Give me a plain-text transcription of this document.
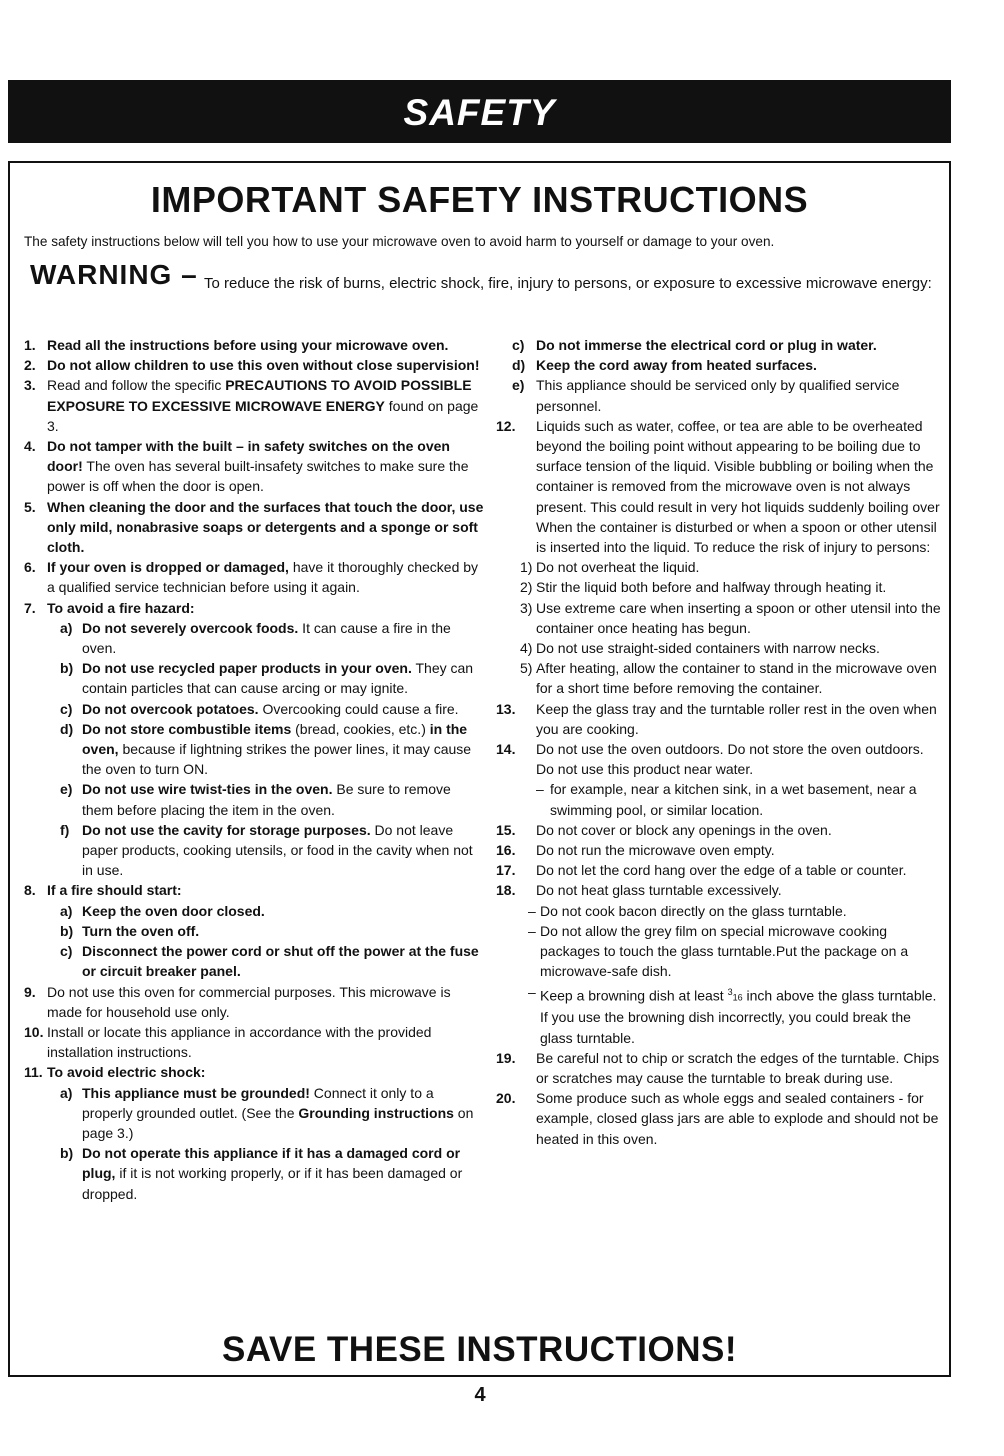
SAFETY
IMPORTANT SAFETY INSTRUCTIONS
The safety instructions below will tell you how to use your microwave oven to avoid harm to yourself or damage to your oven.
WARNING – To reduce the risk of burns, electric shock, fire, injury to persons, or exposure to excessive microwave energy:

1. Read all the instructions before using your microwave oven.

2. Do not allow children to use this oven without close supervision!

3. Read and follow the specific PRECAUTIONS TO AVOID POSSIBLE EXPOSURE TO EXCESSIVE MICROWAVE ENERGY found on page 3.

4. Do not tamper with the built – in safety switches on the oven door! The oven has several built-insafety switches to make sure the power is off when the door is open.

5. When cleaning the door and the surfaces that touch the door, use only mild, nonabrasive soaps or detergents and a sponge or soft cloth.

6. If your oven is dropped or damaged, have it thoroughly checked by a qualified service technician before using it again.

7. To avoid a fire hazard:

a) Do not severely overcook foods. It can cause a fire in the oven.

b) Do not use recycled paper products in your oven. They can contain particles that can cause arcing or may ignite.

c) Do not overcook potatoes. Overcooking could cause a fire.

d) Do not store combustible items (bread, cookies, etc.) in the oven, because if lightning strikes the power lines, it may cause the oven to turn ON.

e) Do not use wire twist-ties in the oven. Be sure to remove them before placing the item in the oven.

f) Do not use the cavity for storage purposes. Do not leave paper products, cooking utensils, or food in the cavity when not in use.

8. If a fire should start:

a) Keep the oven door closed.

b) Turn the oven off.

c) Disconnect the power cord or shut off the power at the fuse or circuit breaker panel.

9. Do not use this oven for commercial purposes. This microwave is made for household use only.

10. Install or locate this appliance in accordance with the provided installation instructions.

11. To avoid electric shock:

a) This appliance must be grounded! Connect it only to a properly grounded outlet. (See the Grounding instructions on page 3.)

b) Do not operate this appliance if it has a damaged cord or plug, if it is not working properly, or if it has been damaged or dropped.

c) Do not immerse the electrical cord or plug in water.

d) Keep the cord away from heated surfaces.

e) This appliance should be serviced only by qualified service personnel.

12. Liquids such as water, coffee, or tea are able to be overheated beyond the boiling point without appearing to be boiling due to surface tension of the liquid. Visible bubbling or boiling when the container is removed from the microwave oven is not always present. This could result in very hot liquids suddenly boiling over When the container is disturbed or when a spoon or other utensil is inserted into the liquid. To reduce the risk of injury to persons:

1) Do not overheat the liquid.

2) Stir the liquid both before and halfway through heating it.

3) Use extreme care when inserting a spoon or other utensil into the container once heating has begun.

4) Do not use straight-sided containers with narrow necks.

5) After heating, allow the container to stand in the microwave oven for a short time before removing the container.

13. Keep the glass tray and the turntable roller rest in the oven when you are cooking.

14. Do not use the oven outdoors. Do not store the oven outdoors. Do not use this product near water.

– for example, near a kitchen sink, in a wet basement, near a swimming pool, or similar location.

15. Do not cover or block any openings in the oven.

16. Do not run the microwave oven empty.

17. Do not let the cord hang over the edge of a table or counter.

18. Do not heat glass turntable excessively.

– Do not cook bacon directly on the glass turntable.

– Do not allow the grey film on special microwave cooking packages to touch the glass turntable.Put the package on a microwave-safe dish.

– Keep a browning dish at least $^3$16 inch above the glass turntable. If you use the browning dish incorrectly, you could break the glass turntable.

19. Be careful not to chip or scratch the edges of the turntable. Chips or scratches may cause the turntable to break during use.

20. Some produce such as whole eggs and sealed containers - for example, closed glass jars are able to explode and should not be heated in this oven.

SAVE THESE INSTRUCTIONS!
4
